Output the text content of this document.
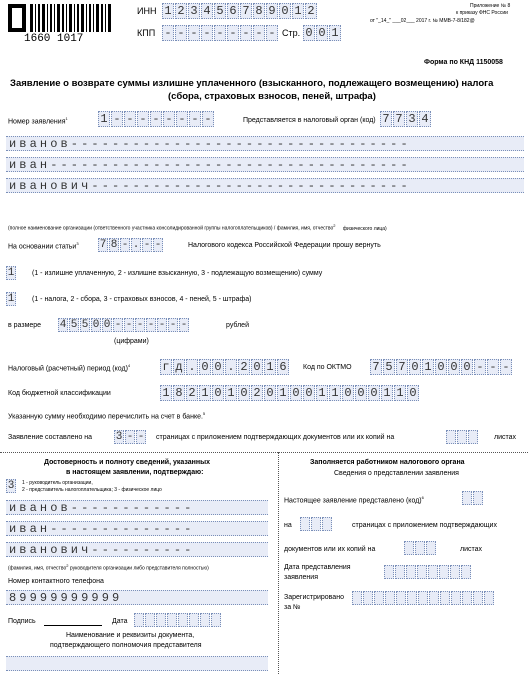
1660 1017
ИНН 1 2 3 4 5 6 7 8 9 0 1 2
КПП - - - - - - - - - Стр. 0 0 1
Приложение № 8
к приказу ФНС России
от "_14_" ___02___ 2017 г. № ММВ-7-8/182@
Форма по КНД 1150058
Заявление о возврате суммы излишне уплаченного (взысканного, подлежащего возмещению) налога
(сбора, страховых взносов, пеней, штрафа)
Номер заявления$^1$	1 - - - - - - - -	Представляется в налоговый орган (код) 7 7 3 4
иванов---------------------------------
иван-----------------------------------
иванович-------------------------------
(полное наименование организации (ответственного участника консолидированной группы налогоплательщиков) / фамилия, имя, отчество$^2$ физического лица)
На основании статьи$^3$ 7 8 - . - -	Налогового кодекса Российской Федерации прошу вернуть
1	(1 - излишне уплаченную, 2 - излишне взысканную, 3 - подлежащую возмещению) сумму
1	(1 - налога, 2 - сбора, 3 - страховых взносов, 4 - пеней, 5 - штрафа)
в размере 4 5 5 0 0 - - - - - - -	рублей
(цифрами)
Налоговый (расчетный) период (код)$^4$	г д . 0 0 . 2 0 1 6	Код по ОКТМО 7 5 7 0 1 0 0 0 - - -
Код бюджетной классификации	1 8 2 1 0 1 0 2 0 1 0 0 1 1 0 0 0 1 1 0
Указанную сумму необходимо перечислить на счет в банке.$^5$
Заявление составлено на 3 - - страницах с приложением подтверждающих документов или их копий на	листах
Достоверность и полноту сведений, указанных
в настоящем заявлении, подтверждаю:
3	1 - руководитель организации,
2 - представитель налогоплательщика; 3 - физическое лицо
иванов------------
иван--------------
иванович----------
(фамилия, имя, отчество$^2$ руководителя организации либо представителя полностью)
Номер контактного телефона
89999999999
Подпись	Дата
Наименование и реквизиты документа,
подтверждающего полномочия представителя
Заполняется работником налогового органа
Сведения о представлении заявления
Настоящее заявление представлено (код)$^6$
на	страницах с приложением подтверждающих
документов или их копий на	листах
Дата представления
заявления
Зарегистрировано
за №
